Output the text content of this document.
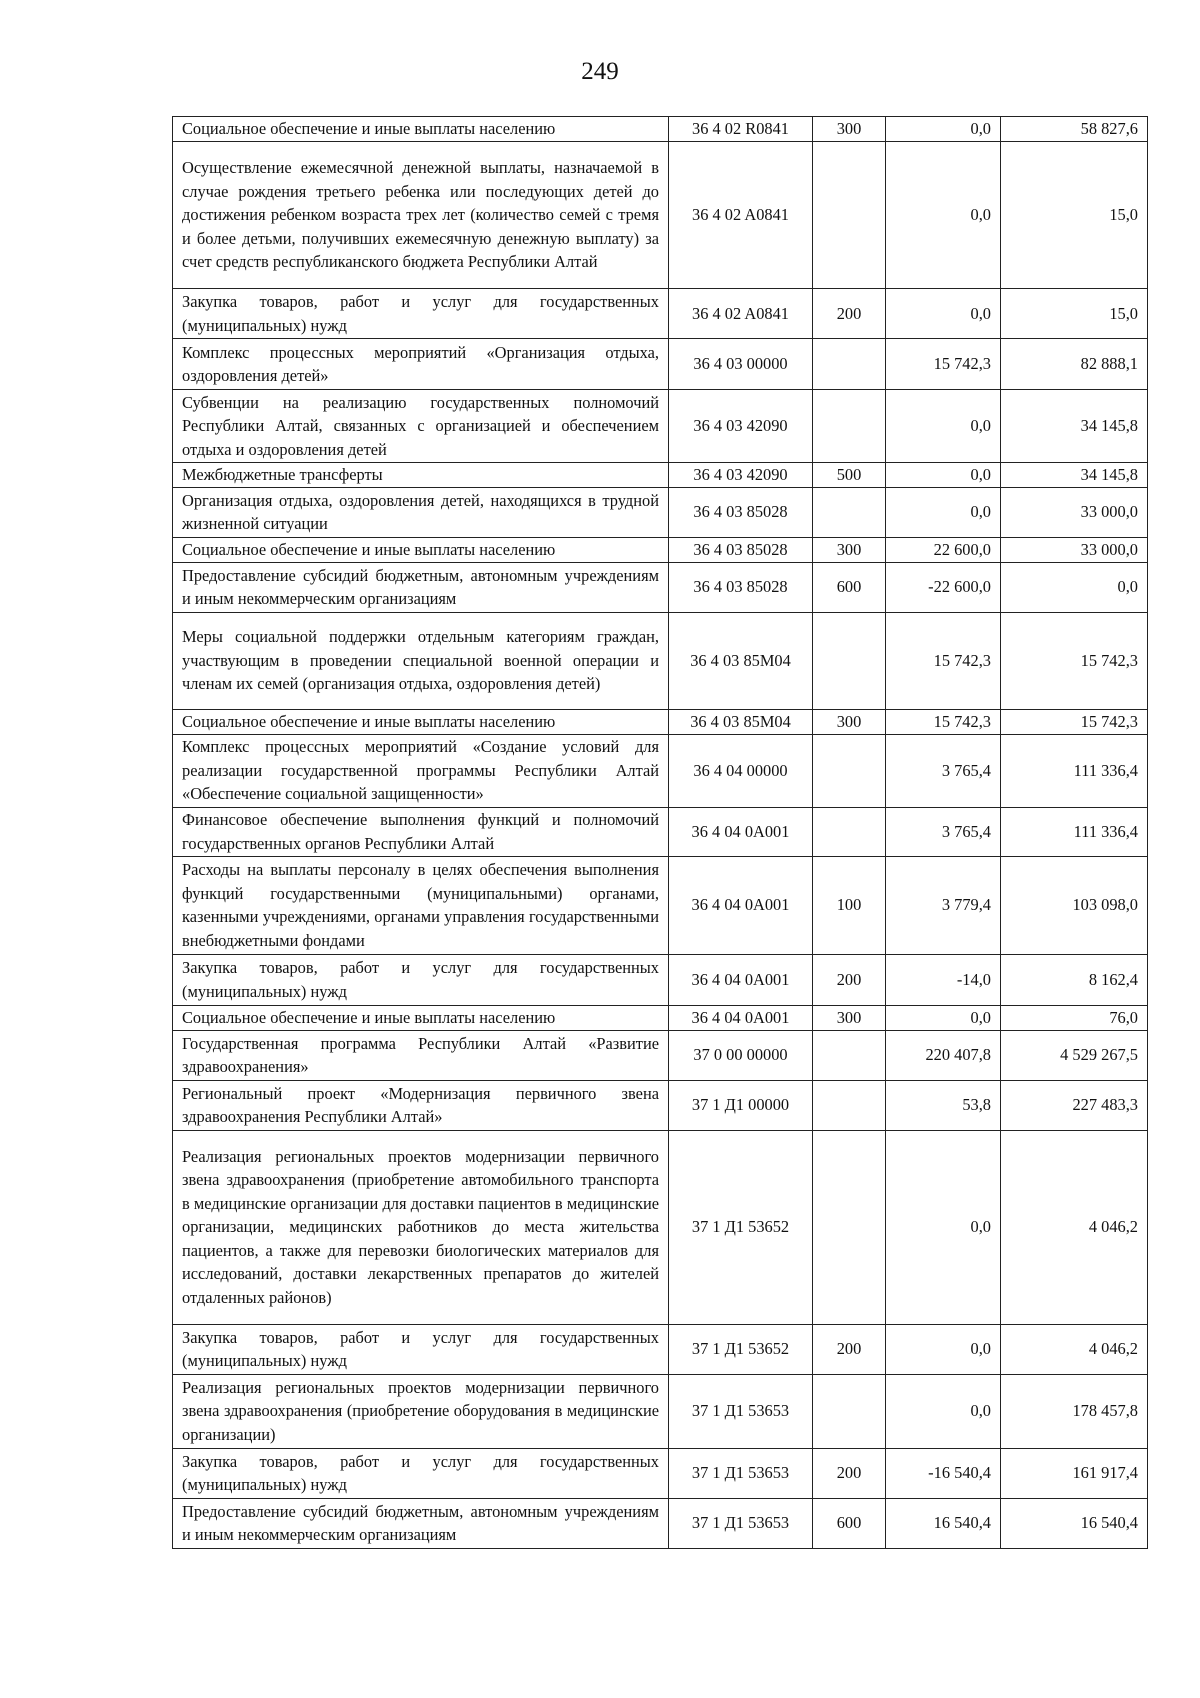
249
Социальное обеспечение и иные выплаты населению	36 4 02 R0841	300	0,0	58 827,6
Осуществление ежемесячной денежной выплаты, назначаемой в случае рождения третьего ребенка или последующих детей до достижения ребенком возраста трех лет (количество семей с тремя и более детьми, получивших ежемесячную денежную выплату) за счет средств республиканского бюджета Республики Алтай	36 4 02 A0841		0,0	15,0
Закупка товаров, работ и услуг для государственных (муниципальных) нужд	36 4 02 A0841	200	0,0	15,0
Комплекс процессных мероприятий «Организация отдыха, оздоровления детей»	36 4 03 00000		15 742,3	82 888,1
Субвенции на реализацию государственных полномочий Республики Алтай, связанных с организацией и обеспечением отдыха и оздоровления детей	36 4 03 42090		0,0	34 145,8
Межбюджетные трансферты	36 4 03 42090	500	0,0	34 145,8
Организация отдыха, оздоровления детей, находящихся в трудной жизненной ситуации	36 4 03 85028		0,0	33 000,0
Социальное обеспечение и иные выплаты населению	36 4 03 85028	300	22 600,0	33 000,0
Предоставление субсидий бюджетным, автономным учреждениям и иным некоммерческим организациям	36 4 03 85028	600	-22 600,0	0,0
Меры социальной поддержки отдельным категориям граждан, участвующим в проведении специальной военной операции и членам их семей (организация отдыха, оздоровления детей)	36 4 03 85M04		15 742,3	15 742,3
Социальное обеспечение и иные выплаты населению	36 4 03 85M04	300	15 742,3	15 742,3
Комплекс процессных мероприятий «Создание условий для реализации государственной программы Республики Алтай «Обеспечение социальной защищенности»	36 4 04 00000		3 765,4	111 336,4
Финансовое обеспечение выполнения функций и полномочий государственных органов Республики Алтай	36 4 04 0A001		3 765,4	111 336,4
Расходы на выплаты персоналу в целях обеспечения выполнения функций государственными (муниципальными) органами, казенными учреждениями, органами управления государственными внебюджетными фондами	36 4 04 0A001	100	3 779,4	103 098,0
Закупка товаров, работ и услуг для государственных (муниципальных) нужд	36 4 04 0A001	200	-14,0	8 162,4
Социальное обеспечение и иные выплаты населению	36 4 04 0A001	300	0,0	76,0
Государственная программа Республики Алтай «Развитие здравоохранения»	37 0 00 00000		220 407,8	4 529 267,5
Региональный проект «Модернизация первичного звена здравоохранения Республики Алтай»	37 1 Д1 00000		53,8	227 483,3
Реализация региональных проектов модернизации первичного звена здравоохранения (приобретение автомобильного транспорта в медицинские организации для доставки пациентов в медицинские организации, медицинских работников до места жительства пациентов, а также для перевозки биологических материалов для исследований, доставки лекарственных препаратов до жителей отдаленных районов)	37 1 Д1 53652		0,0	4 046,2
Закупка товаров, работ и услуг для государственных (муниципальных) нужд	37 1 Д1 53652	200	0,0	4 046,2
Реализация региональных проектов модернизации первичного звена здравоохранения (приобретение оборудования в медицинские организации)	37 1 Д1 53653		0,0	178 457,8
Закупка товаров, работ и услуг для государственных (муниципальных) нужд	37 1 Д1 53653	200	-16 540,4	161 917,4
Предоставление субсидий бюджетным, автономным учреждениям и иным некоммерческим организациям	37 1 Д1 53653	600	16 540,4	16 540,4
